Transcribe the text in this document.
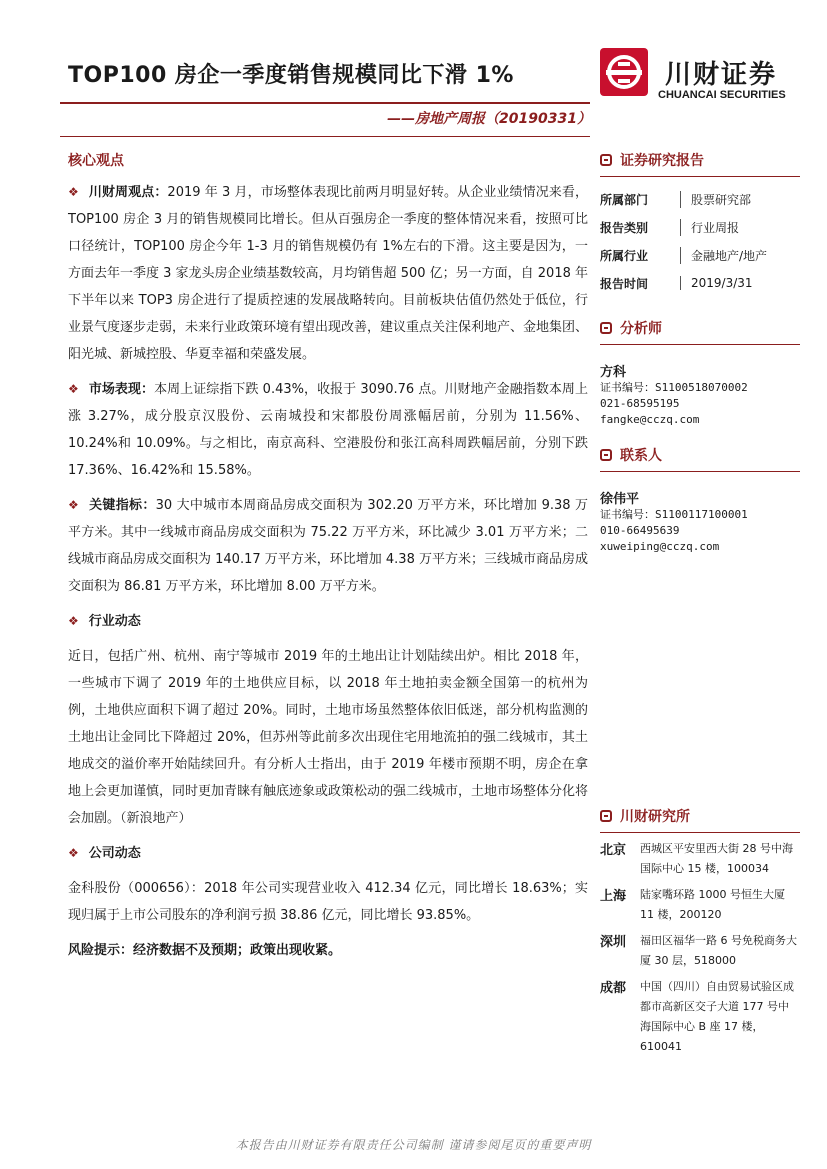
TOP100 房企一季度销售规模同比下滑 1%
——房地产周报（20190331）
川财证券
CHUANCAI SECURITIES
核心观点

❖ 川财周观点：2019 年 3 月，市场整体表现比前两月明显好转。从企业业绩情况来看，TOP100 房企 3 月的销售规模同比增长。但从百强房企一季度的整体情况来看，按照可比口径统计，TOP100 房企今年 1-3 月的销售规模仍有 1%左右的下滑。这主要是因为，一方面去年一季度 3 家龙头房企业绩基数较高，月均销售超 500 亿；另一方面，自 2018 年下半年以来 TOP3 房企进行了提质控速的发展战略转向。目前板块估值仍然处于低位，行业景气度逐步走弱，未来行业政策环境有望出现改善，建议重点关注保利地产、金地集团、阳光城、新城控股、华夏幸福和荣盛发展。

❖ 市场表现：本周上证综指下跌 0.43%，收报于 3090.76 点。川财地产金融指数本周上涨 3.27%，成分股京汉股份、云南城投和宋都股份周涨幅居前，分别为 11.56%、10.24%和 10.09%。与之相比，南京高科、空港股份和张江高科周跌幅居前，分别下跌 17.36%、16.42%和 15.58%。

❖ 关键指标：30 大中城市本周商品房成交面积为 302.20 万平方米，环比增加 9.38 万平方米。其中一线城市商品房成交面积为 75.22 万平方米，环比减少 3.01 万平方米；二线城市商品房成交面积为 140.17 万平方米，环比增加 4.38 万平方米；三线城市商品房成交面积为 86.81 万平方米，环比增加 8.00 万平方米。

❖ 行业动态

近日，包括广州、杭州、南宁等城市 2019 年的土地出让计划陆续出炉。相比 2018 年，一些城市下调了 2019 年的土地供应目标，以 2018 年土地拍卖金额全国第一的杭州为例，土地供应面积下调了超过 20%。同时，土地市场虽然整体依旧低迷，部分机构监测的土地出让金同比下降超过 20%，但苏州等此前多次出现住宅用地流拍的强二线城市，其土地成交的溢价率开始陆续回升。有分析人士指出，由于 2019 年楼市预期不明，房企在拿地上会更加谨慎，同时更加青睐有触底迹象或政策松动的强二线城市，土地市场整体分化将会加剧。（新浪地产）

❖ 公司动态

金科股份（000656）：2018 年公司实现营业收入 412.34 亿元，同比增长 18.63%；实现归属于上市公司股东的净利润亏损 38.86 亿元，同比增长 93.85%。

风险提示：经济数据不及预期；政策出现收紧。
证券研究报告
所属部门	股票研究部
报告类别	行业周报
所属行业	金融地产/地产
报告时间	2019/3/31
分析师
方科
证书编号：S1100518070002
021-68595195
fangke@cczq.com
联系人
徐伟平
证书编号：S1100117100001
010-66495639
xuweiping@cczq.com
川财研究所
北京	西城区平安里西大街 28 号中海国际中心 15 楼，100034
上海	陆家嘴环路 1000 号恒生大厦 11 楼，200120
深圳	福田区福华一路 6 号免税商务大厦 30 层，518000
成都	中国（四川）自由贸易试验区成都市高新区交子大道 177 号中海国际中心 B 座 17 楼，610041
本报告由川财证券有限责任公司编制 谨请参阅尾页的重要声明
